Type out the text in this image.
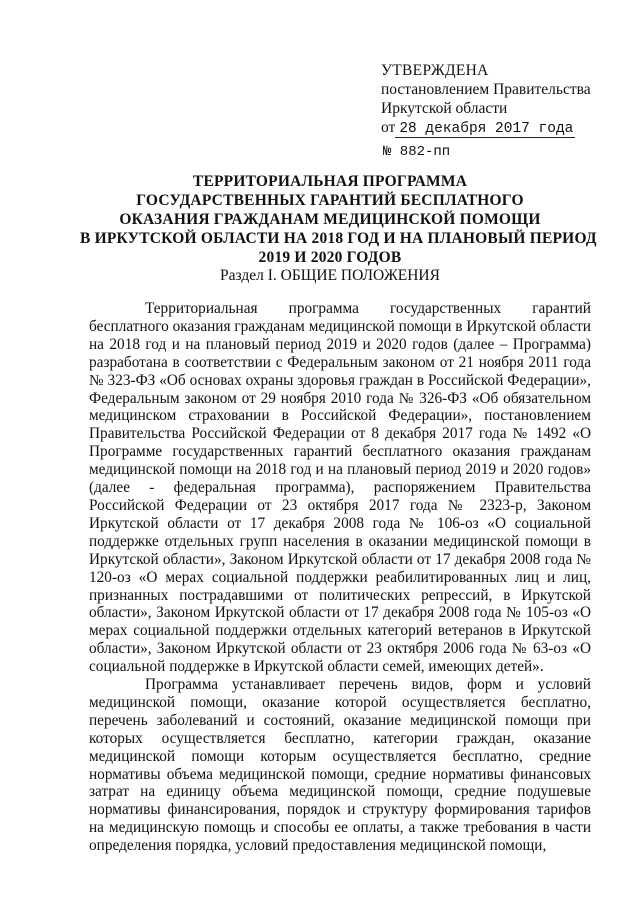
УТВЕРЖДЕНА
постановлением Правительства
Иркутской области
от 28 декабря 2017 года
№ 882-пп
ТЕРРИТОРИАЛЬНАЯ ПРОГРАММА
ГОСУДАРСТВЕННЫХ ГАРАНТИЙ БЕСПЛАТНОГО
ОКАЗАНИЯ ГРАЖДАНАМ МЕДИЦИНСКОЙ ПОМОЩИ
В ИРКУТСКОЙ ОБЛАСТИ НА 2018 ГОД И НА ПЛАНОВЫЙ ПЕРИОД
2019 И 2020 ГОДОВ
Раздел I. ОБЩИЕ ПОЛОЖЕНИЯ

Территориальная программа государственных гарантий бесплатного оказания гражданам медицинской помощи в Иркутской области на 2018 год и на плановый период 2019 и 2020 годов (далее – Программа) разработана в соответствии с Федеральным законом от 21 ноября 2011 года № 323-ФЗ «Об основах охраны здоровья граждан в Российской Федерации», Федеральным законом от 29 ноября 2010 года № 326-ФЗ «Об обязательном медицинском страховании в Российской Федерации», постановлением Правительства Российской Федерации от 8 декабря 2017 года № 1492 «О Программе государственных гарантий бесплатного оказания гражданам медицинской помощи на 2018 год и на плановый период 2019 и 2020 годов» (далее - федеральная программа), распоряжением Правительства Российской Федерации от 23 октября 2017 года № 2323-р, Законом Иркутской области от 17 декабря 2008 года № 106-оз «О социальной поддержке отдельных групп населения в оказании медицинской помощи в Иркутской области», Законом Иркутской области от 17 декабря 2008 года № 120-оз «О мерах социальной поддержки реабилитированных лиц и лиц, признанных пострадавшими от политических репрессий, в Иркутской области», Законом Иркутской области от 17 декабря 2008 года № 105-оз «О мерах социальной поддержки отдельных категорий ветеранов в Иркутской области», Законом Иркутской области от 23 октября 2006 года № 63-оз «О социальной поддержке в Иркутской области семей, имеющих детей».

Программа устанавливает перечень видов, форм и условий медицинской помощи, оказание которой осуществляется бесплатно, перечень заболеваний и состояний, оказание медицинской помощи при которых осуществляется бесплатно, категории граждан, оказание медицинской помощи которым осуществляется бесплатно, средние нормативы объема медицинской помощи, средние нормативы финансовых затрат на единицу объема медицинской помощи, средние подушевые нормативы финансирования, порядок и структуру формирования тарифов на медицинскую помощь и способы ее оплаты, а также требования в части определения порядка, условий предоставления медицинской помощи,
